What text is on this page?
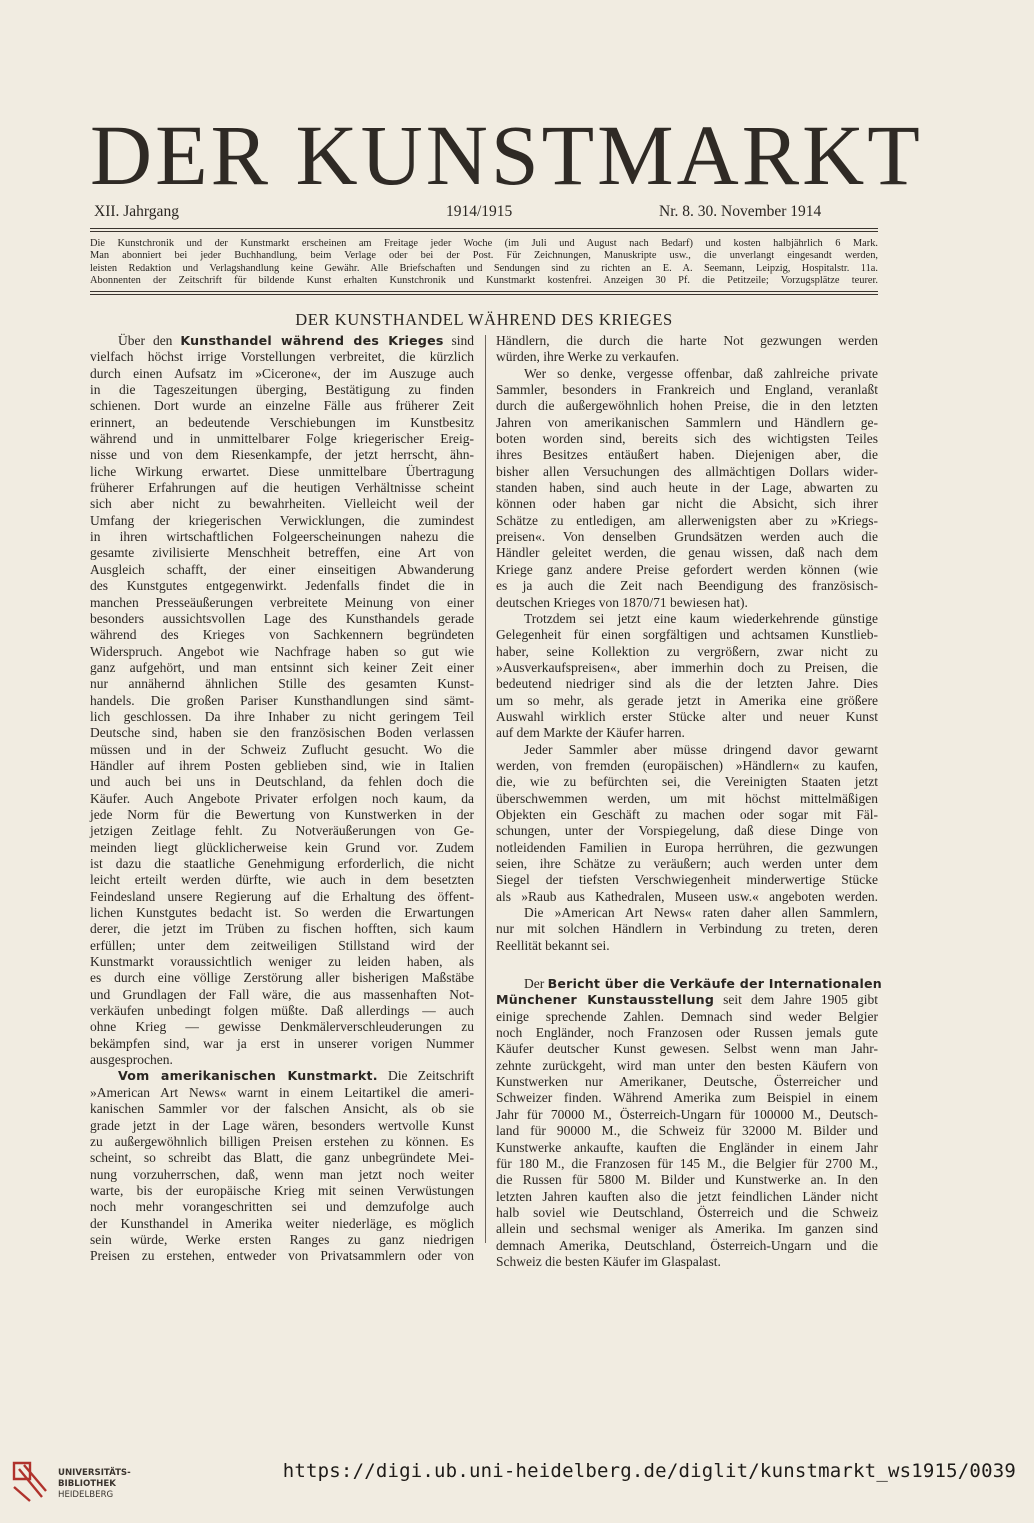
DER KUNSTMARKT
XII. Jahrgang	1914/1915	Nr. 8. 30. November 1914
Die Kunstchronik und der Kunstmarkt erscheinen am Freitage jeder Woche (im Juli und August nach Bedarf) und kosten halbjährlich 6 Mark.
Man abonniert bei jeder Buchhandlung, beim Verlage oder bei der Post. Für Zeichnungen, Manuskripte usw., die unverlangt eingesandt werden,
leisten Redaktion und Verlagshandlung keine Gewähr. Alle Briefschaften und Sendungen sind zu richten an E. A. Seemann, Leipzig, Hospitalstr. 11a.
Abonnenten der Zeitschrift für bildende Kunst erhalten Kunstchronik und Kunstmarkt kostenfrei. Anzeigen 30 Pf. die Petitzeile; Vorzugsplätze teurer.
DER KUNSTHANDEL WÄHREND DES KRIEGES
Über den Kunsthandel während des Krieges sind
vielfach höchst irrige Vorstellungen verbreitet, die kürzlich
durch einen Aufsatz im »Cicerone«, der im Auszuge auch
in die Tageszeitungen überging, Bestätigung zu finden
schienen. Dort wurde an einzelne Fälle aus früherer Zeit
erinnert, an bedeutende Verschiebungen im Kunstbesitz
während und in unmittelbarer Folge kriegerischer Ereig-
nisse und von dem Riesenkampfe, der jetzt herrscht, ähn-
liche Wirkung erwartet. Diese unmittelbare Übertragung
früherer Erfahrungen auf die heutigen Verhältnisse scheint
sich aber nicht zu bewahrheiten. Vielleicht weil der
Umfang der kriegerischen Verwicklungen, die zumindest
in ihren wirtschaftlichen Folgeerscheinungen nahezu die
gesamte zivilisierte Menschheit betreffen, eine Art von
Ausgleich schafft, der einer einseitigen Abwanderung
des Kunstgutes entgegenwirkt. Jedenfalls findet die in
manchen Presseäußerungen verbreitete Meinung von einer
besonders aussichtsvollen Lage des Kunsthandels gerade
während des Krieges von Sachkennern begründeten
Widerspruch. Angebot wie Nachfrage haben so gut wie
ganz aufgehört, und man entsinnt sich keiner Zeit einer
nur annähernd ähnlichen Stille des gesamten Kunst-
handels. Die großen Pariser Kunsthandlungen sind sämt-
lich geschlossen. Da ihre Inhaber zu nicht geringem Teil
Deutsche sind, haben sie den französischen Boden verlassen
müssen und in der Schweiz Zuflucht gesucht. Wo die
Händler auf ihrem Posten geblieben sind, wie in Italien
und auch bei uns in Deutschland, da fehlen doch die
Käufer. Auch Angebote Privater erfolgen noch kaum, da
jede Norm für die Bewertung von Kunstwerken in der
jetzigen Zeitlage fehlt. Zu Notveräußerungen von Ge-
meinden liegt glücklicherweise kein Grund vor. Zudem
ist dazu die staatliche Genehmigung erforderlich, die nicht
leicht erteilt werden dürfte, wie auch in dem besetzten
Feindesland unsere Regierung auf die Erhaltung des öffent-
lichen Kunstgutes bedacht ist. So werden die Erwartungen
derer, die jetzt im Trüben zu fischen hofften, sich kaum
erfüllen; unter dem zeitweiligen Stillstand wird der
Kunstmarkt voraussichtlich weniger zu leiden haben, als
es durch eine völlige Zerstörung aller bisherigen Maßstäbe
und Grundlagen der Fall wäre, die aus massenhaften Not-
verkäufen unbedingt folgen müßte. Daß allerdings — auch
ohne Krieg — gewisse Denkmälerverschleuderungen zu
bekämpfen sind, war ja erst in unserer vorigen Nummer
ausgesprochen.
Vom amerikanischen Kunstmarkt. Die Zeitschrift
»American Art News« warnt in einem Leitartikel die ameri-
kanischen Sammler vor der falschen Ansicht, als ob sie
grade jetzt in der Lage wären, besonders wertvolle Kunst
zu außergewöhnlich billigen Preisen erstehen zu können. Es
scheint, so schreibt das Blatt, die ganz unbegründete Mei-
nung vorzuherrschen, daß, wenn man jetzt noch weiter
warte, bis der europäische Krieg mit seinen Verwüstungen
noch mehr vorangeschritten sei und demzufolge auch
der Kunsthandel in Amerika weiter niederläge, es möglich
sein würde, Werke ersten Ranges zu ganz niedrigen
Preisen zu erstehen, entweder von Privatsammlern oder von
Händlern, die durch die harte Not gezwungen werden
würden, ihre Werke zu verkaufen.
Wer so denke, vergesse offenbar, daß zahlreiche private
Sammler, besonders in Frankreich und England, veranlaßt
durch die außergewöhnlich hohen Preise, die in den letzten
Jahren von amerikanischen Sammlern und Händlern ge-
boten worden sind, bereits sich des wichtigsten Teiles
ihres Besitzes entäußert haben. Diejenigen aber, die
bisher allen Versuchungen des allmächtigen Dollars wider-
standen haben, sind auch heute in der Lage, abwarten zu
können oder haben gar nicht die Absicht, sich ihrer
Schätze zu entledigen, am allerwenigsten aber zu »Kriegs-
preisen«. Von denselben Grundsätzen werden auch die
Händler geleitet werden, die genau wissen, daß nach dem
Kriege ganz andere Preise gefordert werden können (wie
es ja auch die Zeit nach Beendigung des französisch-
deutschen Krieges von 1870/71 bewiesen hat).
Trotzdem sei jetzt eine kaum wiederkehrende günstige
Gelegenheit für einen sorgfältigen und achtsamen Kunstlieb-
haber, seine Kollektion zu vergrößern, zwar nicht zu
»Ausverkaufspreisen«, aber immerhin doch zu Preisen, die
bedeutend niedriger sind als die der letzten Jahre. Dies
um so mehr, als gerade jetzt in Amerika eine größere
Auswahl wirklich erster Stücke alter und neuer Kunst
auf dem Markte der Käufer harren.
Jeder Sammler aber müsse dringend davor gewarnt
werden, von fremden (europäischen) »Händlern« zu kaufen,
die, wie zu befürchten sei, die Vereinigten Staaten jetzt
überschwemmen werden, um mit höchst mittelmäßigen
Objekten ein Geschäft zu machen oder sogar mit Fäl-
schungen, unter der Vorspiegelung, daß diese Dinge von
notleidenden Familien in Europa herrühren, die gezwungen
seien, ihre Schätze zu veräußern; auch werden unter dem
Siegel der tiefsten Verschwiegenheit minderwertige Stücke
als »Raub aus Kathedralen, Museen usw.« angeboten werden.
Die »American Art News« raten daher allen Sammlern,
nur mit solchen Händlern in Verbindung zu treten, deren
Reellität bekannt sei.
Der Bericht über die Verkäufe der Internationalen
Münchener Kunstausstellung seit dem Jahre 1905 gibt
einige sprechende Zahlen. Demnach sind weder Belgier
noch Engländer, noch Franzosen oder Russen jemals gute
Käufer deutscher Kunst gewesen. Selbst wenn man Jahr-
zehnte zurückgeht, wird man unter den besten Käufern von
Kunstwerken nur Amerikaner, Deutsche, Österreicher und
Schweizer finden. Während Amerika zum Beispiel in einem
Jahr für 70000 M., Österreich-Ungarn für 100000 M., Deutsch-
land für 90000 M., die Schweiz für 32000 M. Bilder und
Kunstwerke ankaufte, kauften die Engländer in einem Jahr
für 180 M., die Franzosen für 145 M., die Belgier für 2700 M.,
die Russen für 5800 M. Bilder und Kunstwerke an. In den
letzten Jahren kauften also die jetzt feindlichen Länder nicht
halb soviel wie Deutschland, Österreich und die Schweiz
allein und sechsmal weniger als Amerika. Im ganzen sind
demnach Amerika, Deutschland, Österreich-Ungarn und die
Schweiz die besten Käufer im Glaspalast.
UNIVERSITÄTS-
BIBLIOTHEK
HEIDELBERG
https://digi.ub.uni-heidelberg.de/diglit/kunstmarkt_ws1915/0039
